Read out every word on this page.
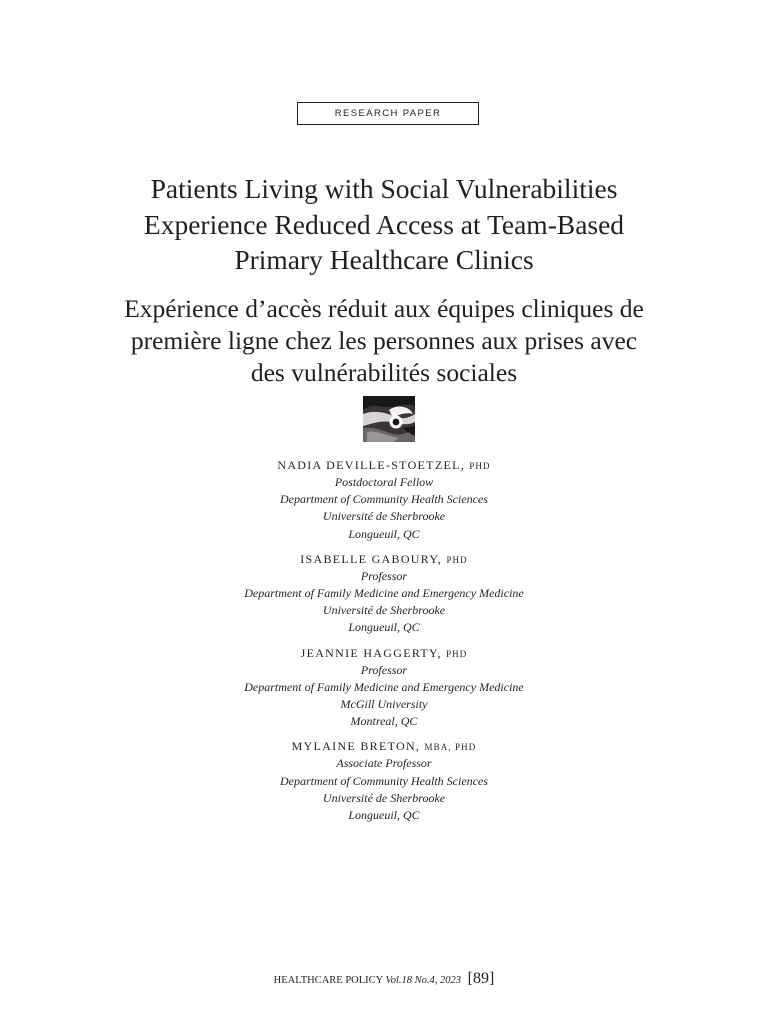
RESEARCH PAPER
Patients Living with Social Vulnerabilities
Experience Reduced Access at Team-Based
Primary Healthcare Clinics
Expérience d’accès réduit aux équipes cliniques de
première ligne chez les personnes aux prises avec
des vulnérabilités sociales
NADIA DEVILLE-STOETZEL, PHD
Postdoctoral Fellow
Department of Community Health Sciences
Université de Sherbrooke
Longueuil, QC
ISABELLE GABOURY, PHD
Professor
Department of Family Medicine and Emergency Medicine
Université de Sherbrooke
Longueuil, QC
JEANNIE HAGGERTY, PHD
Professor
Department of Family Medicine and Emergency Medicine
McGill University
Montreal, QC
MYLAINE BRETON, MBA, PHD
Associate Professor
Department of Community Health Sciences
Université de Sherbrooke
Longueuil, QC
HEALTHCARE POLICY Vol.18 No.4, 2023 [89]
